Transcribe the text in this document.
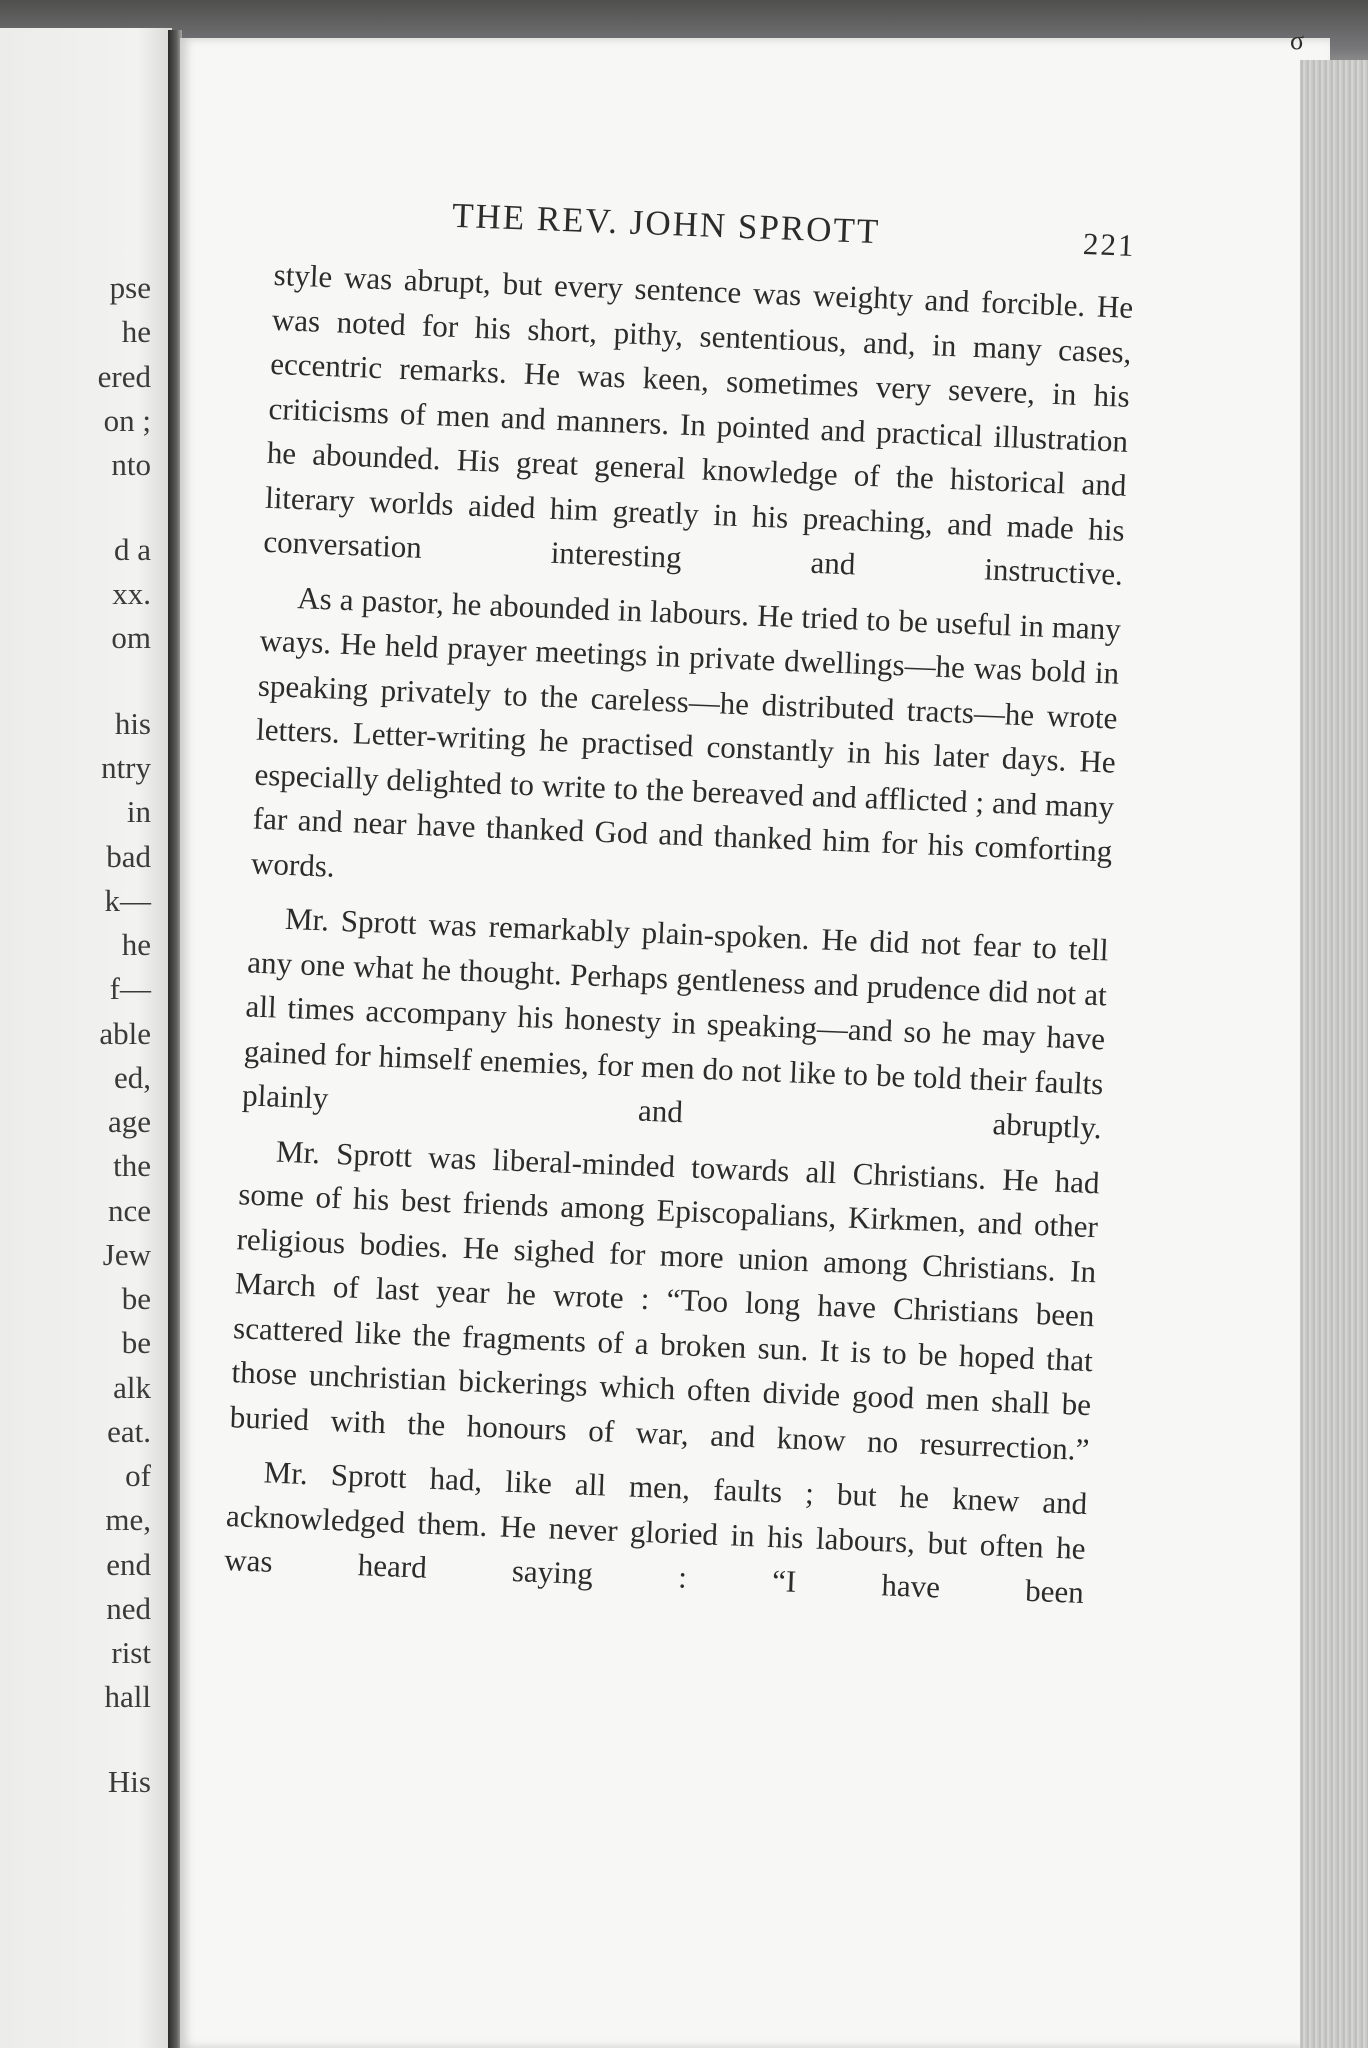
pse
he
ered
on ;
nto
d a
xx.
om
his
ntry
in
bad
k—
he
f—
able
ed,
age
the
nce
Jew
be
be
alk
eat.
of
me,
end
ned
rist
hall
His
σ
THE REV. JOHN SPROTT	221

style was abrupt, but every sentence was weighty and forcible. He was noted for his short, pithy, sententious, and, in many cases, eccentric remarks. He was keen, sometimes very severe, in his criticisms of men and manners. In pointed and practical illustration he abounded. His great general knowledge of the historical and literary worlds aided him greatly in his preaching, and made his conversation interesting and instructive.

As a pastor, he abounded in labours. He tried to be useful in many ways. He held prayer meetings in private dwellings—he was bold in speaking privately to the careless—he distributed tracts—he wrote letters. Letter-writing he practised constantly in his later days. He especially delighted to write to the bereaved and afflicted ; and many far and near have thanked God and thanked him for his comforting words.

Mr. Sprott was remarkably plain-spoken. He did not fear to tell any one what he thought. Perhaps gentleness and prudence did not at all times accompany his honesty in speaking—and so he may have gained for himself enemies, for men do not like to be told their faults plainly and abruptly.

Mr. Sprott was liberal-minded towards all Christians. He had some of his best friends among Episcopalians, Kirkmen, and other religious bodies. He sighed for more union among Christians. In March of last year he wrote : “Too long have Christians been scattered like the fragments of a broken sun. It is to be hoped that those unchristian bickerings which often divide good men shall be buried with the honours of war, and know no resurrection.”

Mr. Sprott had, like all men, faults ; but he knew and acknowledged them. He never gloried in his labours, but often he was heard saying : “I have been
